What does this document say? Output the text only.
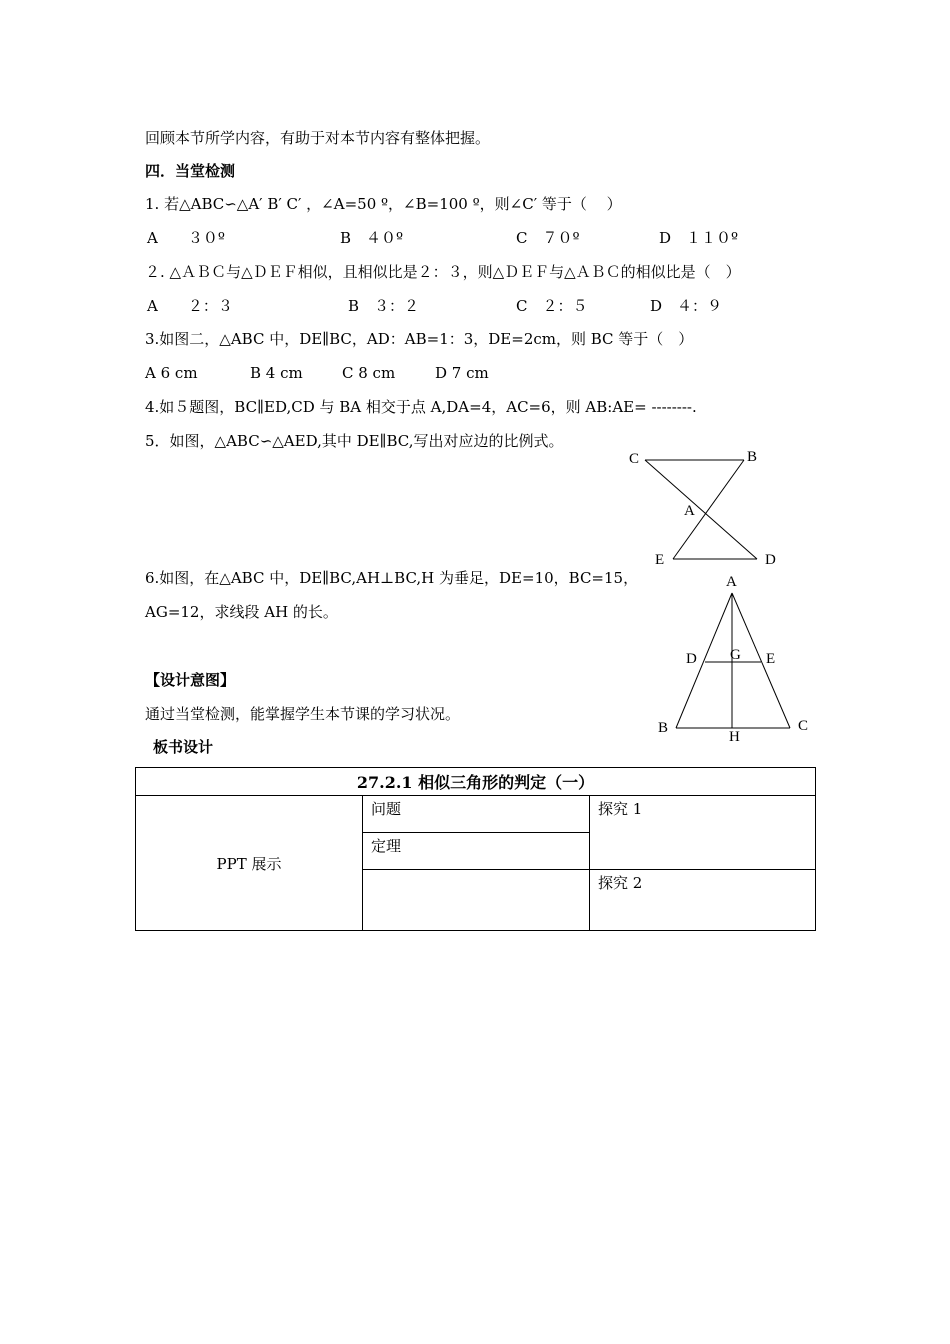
回顾本节所学内容，有助于对本节内容有整体把握。
四．当堂检测
1. 若△ABC∽△A′ B′ C′ ，∠A=50 º，∠B=100 º，则∠C′ 等于（　 ）
A　　３０º	B　４０º	C　７０º	D　１１０º
２. △ＡＢＣ与△ＤＥＦ相似，且相似比是２：３，则△ＤＥＦ与△ＡＢＣ的相似比是（　）
A　　２：３	B　３：２	C　２：５	D　４：９
3.如图二，△ABC 中，DE∥BC，AD：AB=1：3，DE=2cm，则 BC 等于（　）
A 6 cm	B 4 cm	C 8 cm	D 7 cm
4.如５题图，BC∥ED,CD 与 BA 相交于点 A,DA=4，AC=6，则 AB:AE= --------.
5．如图，△ABC∽△AED,其中 DE∥BC,写出对应边的比例式。
C	B
A
E	D
6.如图，在△ABC 中，DE∥BC,AH⊥BC,H 为垂足，DE=10，BC=15，
AG=12，求线段 AH 的长。
A
D G E
B
H
C
【设计意图】
通过当堂检测，能掌握学生本节课的学习状况。
板书设计
27.2.1 相似三角形的判定（一）		
PPT 展示	问题	探究 1
	定理	
		探究 2
